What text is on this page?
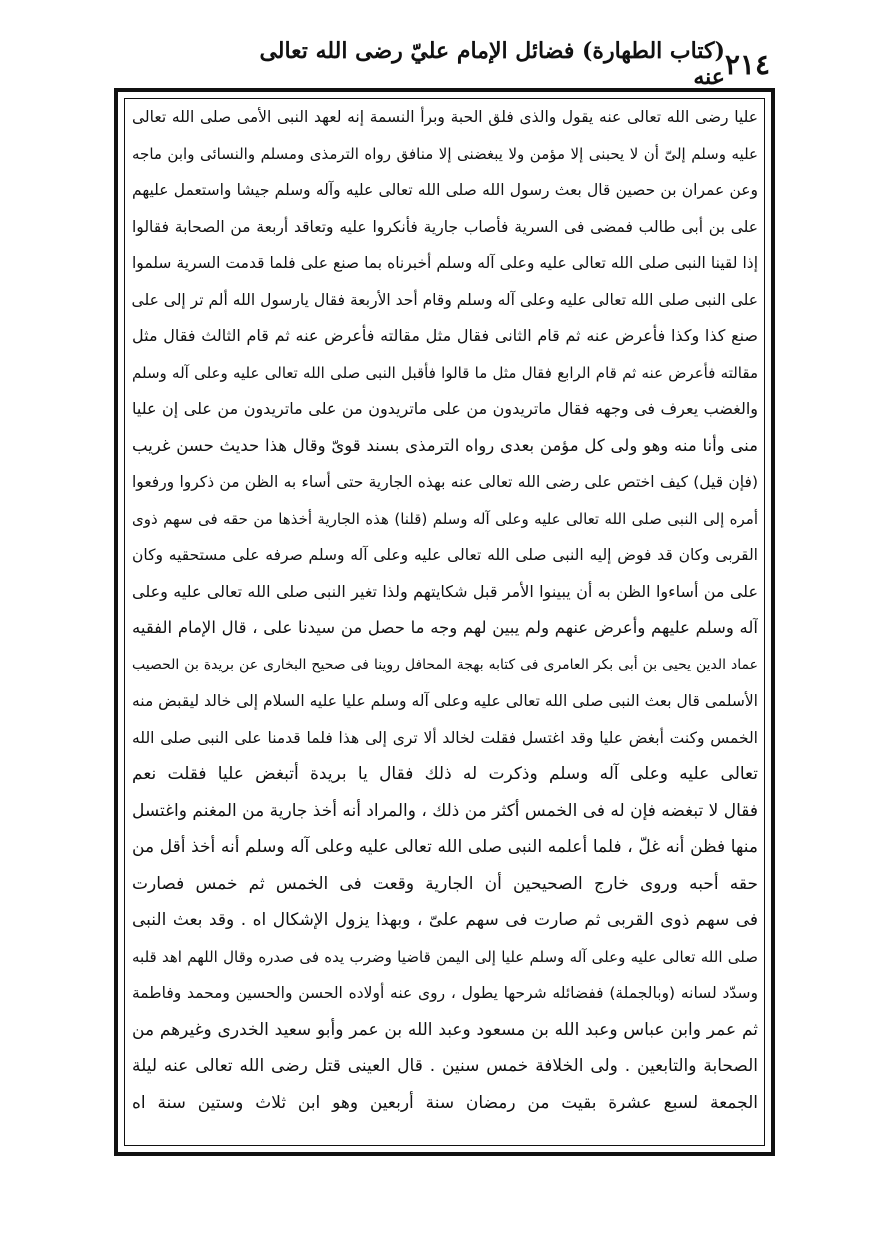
٢١٤
(كتاب الطهارة) فضائل الإمام عليّ رضى الله تعالى عنه
عليا رضى الله تعالى عنه يقول والذى فلق الحبة وبرأ النسمة إنه لعهد النبى الأمى صلى الله تعالى
عليه وسلم إلىّ أن لا يحبنى إلا مؤمن ولا يبغضنى إلا منافق رواه الترمذى ومسلم والنسائى وابن ماجه
وعن عمران بن حصين قال بعث رسول الله صلى الله تعالى عليه وآله وسلم جيشا واستعمل عليهم
على بن أبى طالب فمضى فى السرية فأصاب جارية فأنكروا عليه وتعاقد أربعة من الصحابة فقالوا
إذا لقينا النبى صلى الله تعالى عليه وعلى آله وسلم أخبرناه بما صنع على فلما قدمت السرية سلموا
على النبى صلى الله تعالى عليه وعلى آله وسلم وقام أحد الأربعة فقال يارسول الله ألم تر إلى على
صنع كذا وكذا فأعرض عنه ثم قام الثانى فقال مثل مقالته فأعرض عنه ثم قام الثالث فقال مثل
مقالته فأعرض عنه ثم قام الرابع فقال مثل ما قالوا فأقبل النبى صلى الله تعالى عليه وعلى آله وسلم
والغضب يعرف فى وجهه فقال ماتريدون من على ماتريدون من على ماتريدون من على إن عليا
منى وأنا منه وهو ولى كل مؤمن بعدى رواه الترمذى بسند قوىّ وقال هذا حديث حسن غريب
(فإن قيل) كيف اختص على رضى الله تعالى عنه بهذه الجارية حتى أساء به الظن من ذكروا ورفعوا
أمره إلى النبى صلى الله تعالى عليه وعلى آله وسلم (قلنا) هذه الجارية أخذها من حقه فى سهم ذوى
القربى وكان قد فوض إليه النبى صلى الله تعالى عليه وعلى آله وسلم صرفه على مستحقيه وكان
على من أساءوا الظن به أن يبينوا الأمر قبل شكايتهم ولذا تغير النبى صلى الله تعالى عليه وعلى
آله وسلم عليهم وأعرض عنهم ولم يبين لهم وجه ما حصل من سيدنا على ، قال الإمام الفقيه
عماد الدين يحيى بن أبى بكر العامرى فى كتابه بهجة المحافل روينا فى صحيح البخارى عن بريدة بن الحصيب
الأسلمى قال بعث النبى صلى الله تعالى عليه وعلى آله وسلم عليا عليه السلام إلى خالد ليقبض منه
الخمس وكنت أبغض عليا وقد اغتسل فقلت لخالد ألا ترى إلى هذا فلما قدمنا على النبى صلى الله
تعالى عليه وعلى آله وسلم وذكرت له ذلك فقال يا بريدة أتبغض عليا فقلت نعم
فقال لا تبغضه فإن له فى الخمس أكثر من ذلك ، والمراد أنه أخذ جارية من المغنم واغتسل
منها فظن أنه غلّ ، فلما أعلمه النبى صلى الله تعالى عليه وعلى آله وسلم أنه أخذ أقل من
حقه أحبه وروى خارج الصحيحين أن الجارية وقعت فى الخمس ثم خمس فصارت
فى سهم ذوى القربى ثم صارت فى سهم علىّ ، وبهذا يزول الإشكال اه . وقد بعث النبى
صلى الله تعالى عليه وعلى آله وسلم عليا إلى اليمن قاضيا وضرب يده فى صدره وقال اللهم اهد قلبه
وسدّد لسانه (وبالجملة) ففضائله شرحها يطول ، روى عنه أولاده الحسن والحسين ومحمد وفاطمة
ثم عمر وابن عباس وعبد الله بن مسعود وعبد الله بن عمر وأبو سعيد الخدرى وغيرهم من
الصحابة والتابعين . ولى الخلافة خمس سنين . قال العينى قتل رضى الله تعالى عنه ليلة
الجمعة لسبع عشرة بقيت من رمضان سنة أربعين وهو ابن ثلاث وستين سنة اه
